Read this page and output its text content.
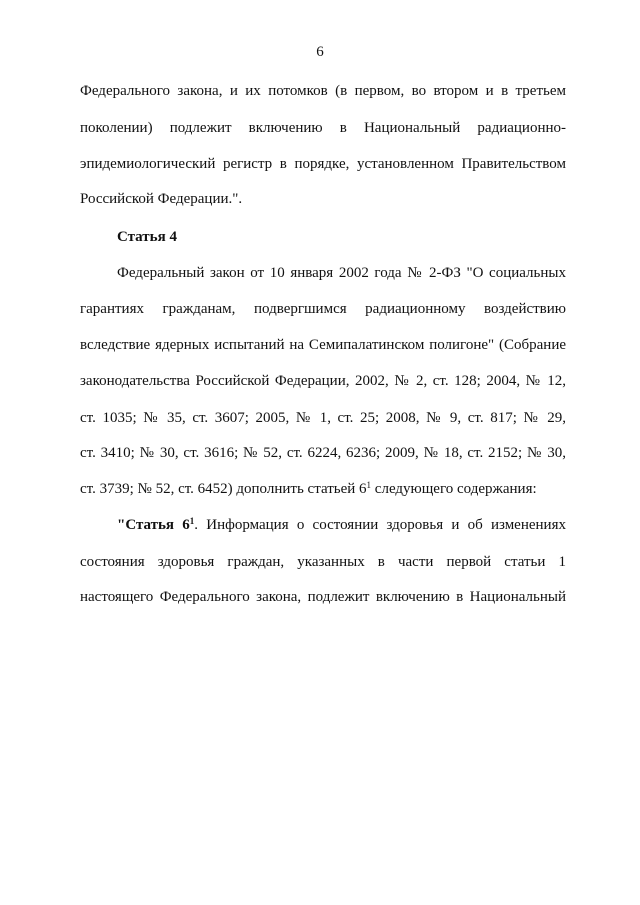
6
Федерального закона, и их потомков (в первом, во втором и в третьем
поколении) подлежит включению в Национальный радиационно-
эпидемиологический регистр в порядке, установленном Правительством
Российской Федерации.".
Статья 4
Федеральный закон от 10 января 2002 года № 2-ФЗ "О социальных
гарантиях гражданам, подвергшимся радиационному воздействию
вследствие ядерных испытаний на Семипалатинском полигоне" (Собрание
законодательства Российской Федерации, 2002, № 2, ст. 128; 2004, № 12,
ст. 1035; № 35, ст. 3607; 2005, № 1, ст. 25; 2008, № 9, ст. 817; № 29,
ст. 3410; № 30, ст. 3616; № 52, ст. 6224, 6236; 2009, № 18, ст. 2152; № 30,
ст. 3739; № 52, ст. 6452) дополнить статьей $6^1$ следующего содержания:
"Статья $6^1$. Информация о состоянии здоровья и об изменениях
состояния здоровья граждан, указанных в части первой статьи 1
настоящего Федерального закона, подлежит включению в Национальный
